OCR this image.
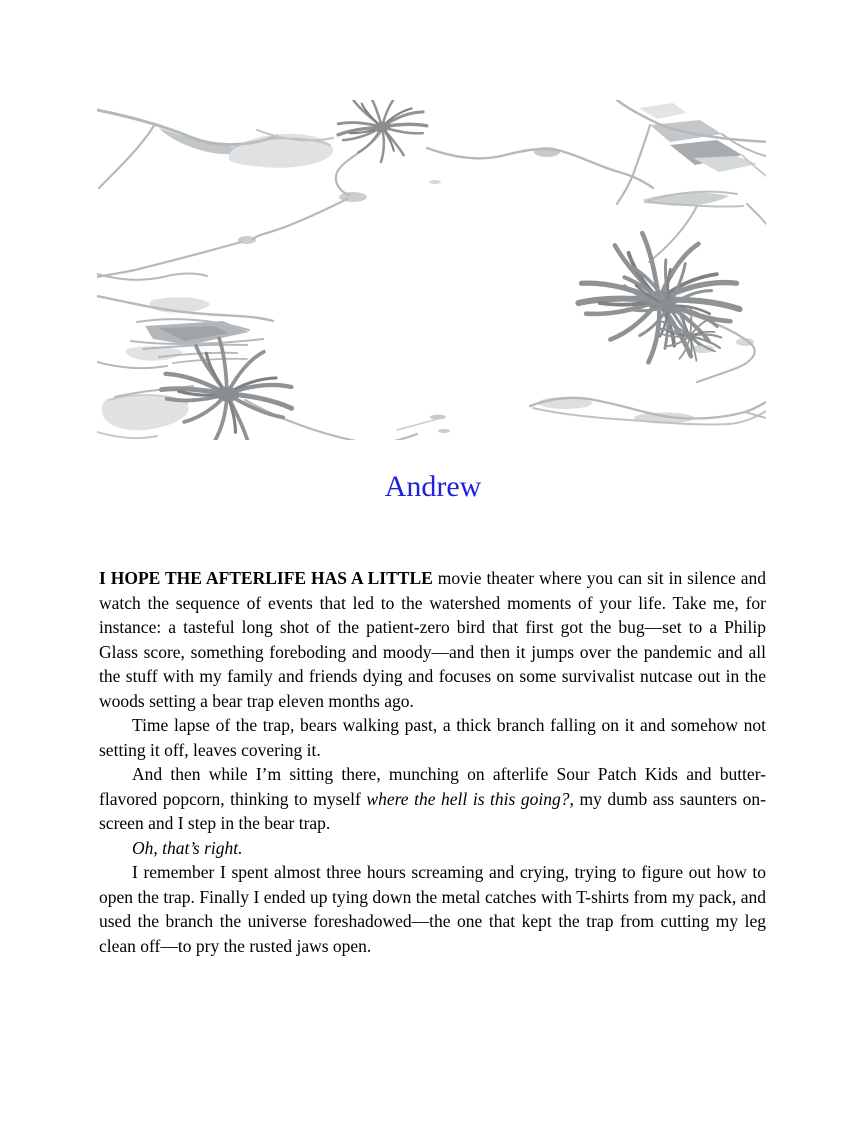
Andrew

I HOPE THE AFTERLIFE HAS A LITTLE movie theater where you can sit in silence and watch the sequence of events that led to the watershed moments of your life. Take me, for instance: a tasteful long shot of the patient-zero bird that first got the bug—set to a Philip Glass score, something foreboding and moody—and then it jumps over the pandemic and all the stuff with my family and friends dying and focuses on some survivalist nutcase out in the woods setting a bear trap eleven months ago.

Time lapse of the trap, bears walking past, a thick branch falling on it and somehow not setting it off, leaves covering it.

And then while I’m sitting there, munching on afterlife Sour Patch Kids and butter-flavored popcorn, thinking to myself where the hell is this going?, my dumb ass saunters on-screen and I step in the bear trap.

Oh, that’s right.

I remember I spent almost three hours screaming and crying, trying to figure out how to open the trap. Finally I ended up tying down the metal catches with T-shirts from my pack, and used the branch the universe foreshadowed—the one that kept the trap from cutting my leg clean off—to pry the rusted jaws open.
